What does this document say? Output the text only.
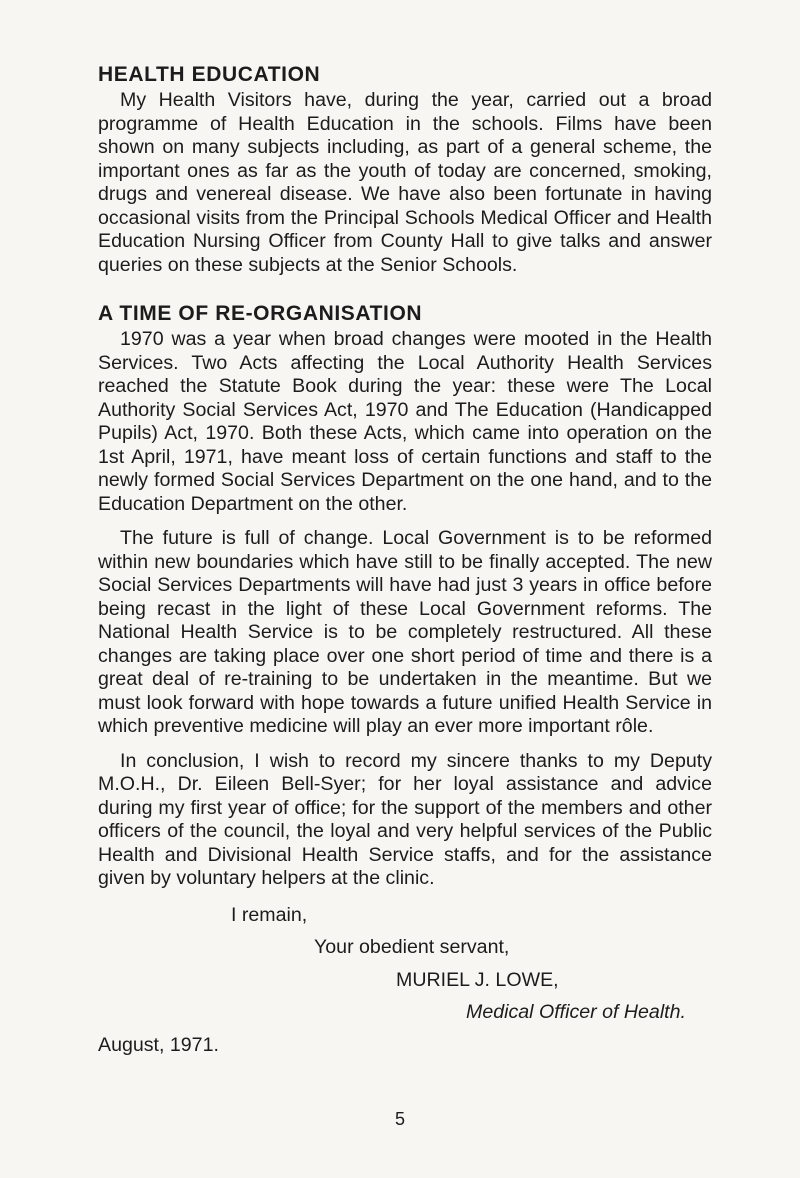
HEALTH EDUCATION

My Health Visitors have, during the year, carried out a broad programme of Health Education in the schools. Films have been shown on many subjects including, as part of a general scheme, the important ones as far as the youth of today are concerned, smoking, drugs and venereal disease. We have also been fortunate in having occasional visits from the Principal Schools Medical Officer and Health Education Nursing Officer from County Hall to give talks and answer queries on these subjects at the Senior Schools.

A TIME OF RE-ORGANISATION

1970 was a year when broad changes were mooted in the Health Services. Two Acts affecting the Local Authority Health Services reached the Statute Book during the year: these were The Local Authority Social Services Act, 1970 and The Education (Handicapped Pupils) Act, 1970. Both these Acts, which came into operation on the 1st April, 1971, have meant loss of certain functions and staff to the newly formed Social Services Department on the one hand, and to the Education Department on the other.

The future is full of change. Local Government is to be reformed within new boundaries which have still to be finally accepted. The new Social Services Departments will have had just 3 years in office before being recast in the light of these Local Government reforms. The National Health Service is to be completely restructured. All these changes are taking place over one short period of time and there is a great deal of re-training to be undertaken in the meantime. But we must look forward with hope towards a future unified Health Service in which preventive medicine will play an ever more important rôle.

In conclusion, I wish to record my sincere thanks to my Deputy M.O.H., Dr. Eileen Bell-Syer; for her loyal assistance and advice during my first year of office; for the support of the members and other officers of the council, the loyal and very helpful services of the Public Health and Divisional Health Service staffs, and for the assistance given by voluntary helpers at the clinic.

I remain,

Your obedient servant,

MURIEL J. LOWE,

Medical Officer of Health.

August, 1971.

5
